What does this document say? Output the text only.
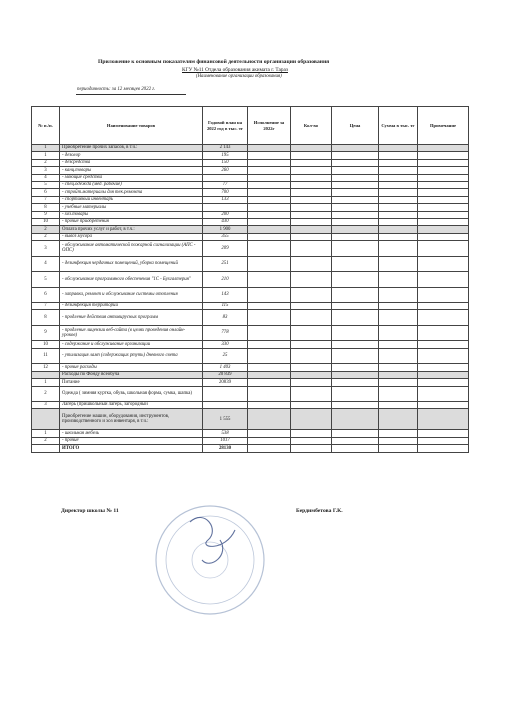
Приложение к основным показателям финансовой деятельности организации образования
КГУ №11 Отдела образования акимата г. Тараз
(Наименование организации образования)
периодичность: за 12 месяцев 2022 г.
№ п./п.	Наименование товаров	Годовой план на 2022 год в тыс. тг	Исполнение за 2022г	Кол-во	Цена	Сумма в тыс. тг	Примечание
1	Приобретение прочих запасов, в т.ч.:	2 143					
1	- дезолор	195					
2	- дезсредства	150					
3	- канц.товары	260					
4	- моющие средства						
5	- спец.одежда (мед. рабочие)	77					
6	- стройт.материалы для тек.ремонта	700					
7	- спортивный инвентарь	133					
8	- учебные материалы						
9	- хоз.товары	200					
10	- прочие приобретения	430					
2	Оплата прочих услуг и работ, в т.ч.:	1 900					
2	- вывоз мусора	355					
3	- обслуживание автоматической пожарной сигнализации (АПС - ОПС)	209					
4	- дезинфекция чердачных помещений, уборка помещений	251					
5	- обслуживание программного обеспечения "1С - Бухгалтерия"	210					
6	- заправка, ремонт и обслуживание системы отопления	143					
7	- дезинфекция территории	115					
8	- продление действия антивирусных программ	83					
9	- продление лицензии веб-сайта (в целях проведения онлайн-уроков)	778					
10	- содержание и обслуживание организации	330					
11	- утилизация ламп (содержащих ртуть) дневного света	25					
12	- прочие расходы	1 403					
	Расходы по Фонду всеобуча	20 839					
1	Питание	20839					
2	Одежда ( зимняя куртка, обувь, школьная форма, сумка, шапка)						
3	Лагерь (пришкольный лагерь, загородный						
	Приобретение машин, оборудования, инструментов, производственного и хоз инвентаря, в т.ч.:	1 555					
1	- школьная мебель	538					
2	- прочие	1017					
	ИТОГО	28130					
Директор школы № 11	Бердимбетова Г.К.
